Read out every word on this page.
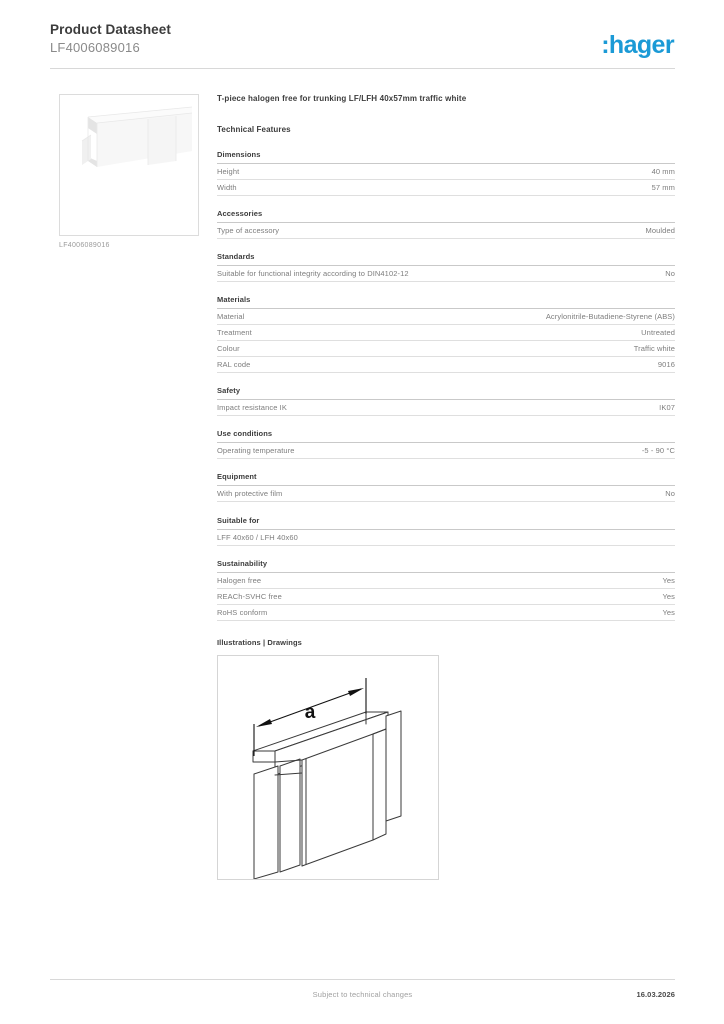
Product Datasheet
LF4006089016	:hager
LF4006089016
T-piece halogen free for trunking LF/LFH 40x57mm traffic white
Technical Features
Dimensions
Height	40 mm
Width	57 mm
Accessories
Type of accessory	Moulded
Standards
Suitable for functional integrity according to DIN4102-12	No
Materials
Material	Acrylonitrile-Butadiene-Styrene (ABS)
Treatment	Untreated
Colour	Traffic white
RAL code	9016
Safety
Impact resistance IK	IK07
Use conditions
Operating temperature	-5 - 90 °C
Equipment
With protective film	No
Suitable for
LFF 40x60 / LFH 40x60
Sustainability
Halogen free	Yes
REACh-SVHC free	Yes
RoHS conform	Yes
Illustrations | Drawings
a
Subject to technical changes	16.03.2026
